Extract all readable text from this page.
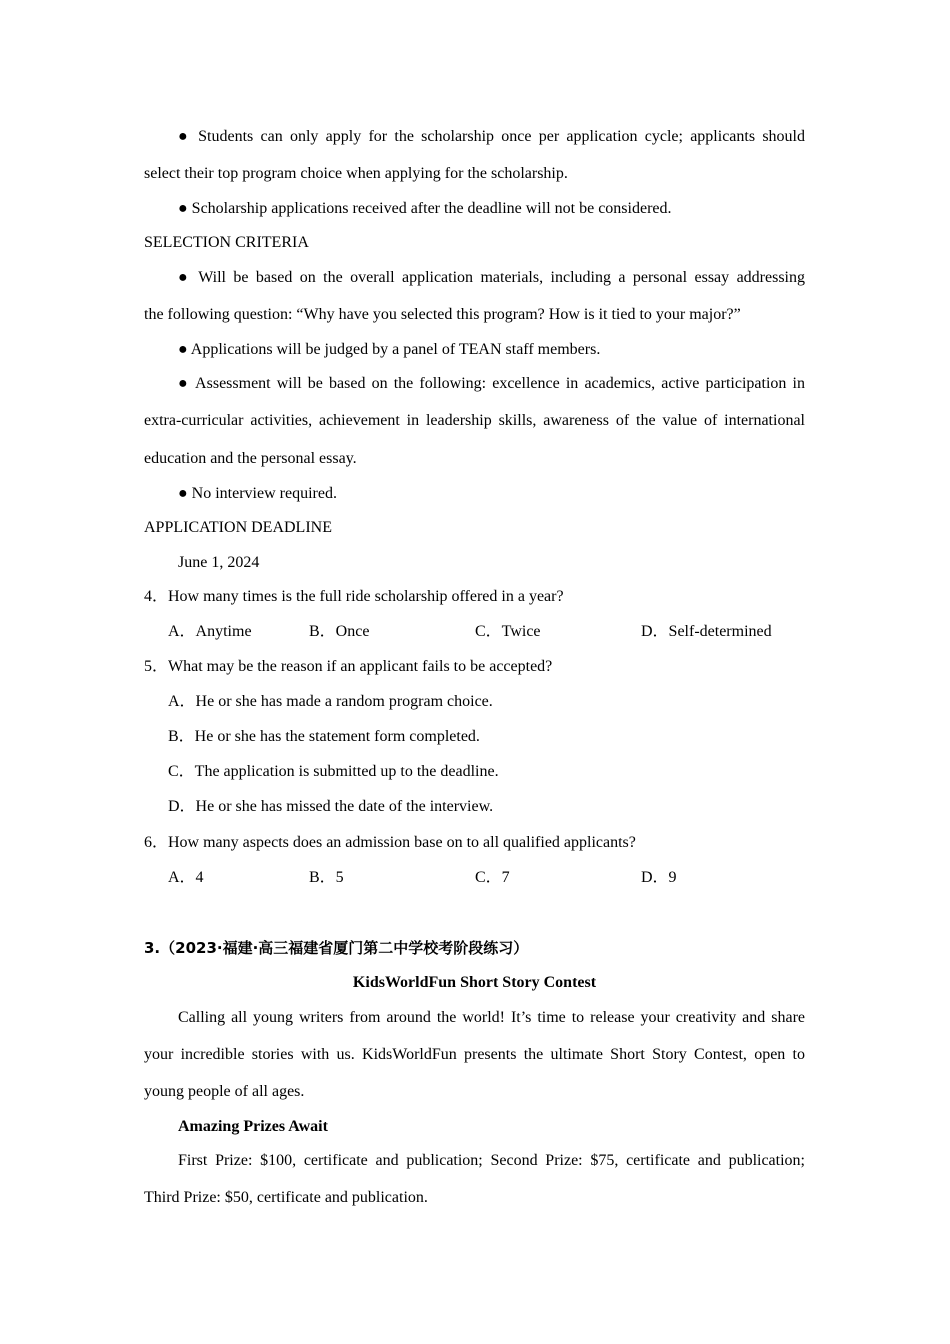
● Students can only apply for the scholarship once per application cycle; applicants should
select their top program choice when applying for the scholarship.
● Scholarship applications received after the deadline will not be considered.
SELECTION CRITERIA
● Will be based on the overall application materials, including a personal essay addressing
the following question: “Why have you selected this program? How is it tied to your major?”
● Applications will be judged by a panel of TEAN staff members.
● Assessment will be based on the following: excellence in academics, active participation in
extra-curricular activities, achievement in leadership skills, awareness of the value of international
education and the personal essay.
● No interview required.
APPLICATION DEADLINE
June 1, 2024
4．How many times is the full ride scholarship offered in a year?
A．Anytime	B．Once	C．Twice	D．Self-determined
5．What may be the reason if an applicant fails to be accepted?
A．He or she has made a random program choice.
B．He or she has the statement form completed.
C．The application is submitted up to the deadline.
D．He or she has missed the date of the interview.
6．How many aspects does an admission base on to all qualified applicants?
A．4	B．5	C．7	D．9
3.（2023·福建·高三福建省厦门第二中学校考阶段练习）
KidsWorldFun Short Story Contest
Calling all young writers from around the world! It’s time to release your creativity and share
your incredible stories with us. KidsWorldFun presents the ultimate Short Story Contest, open to
young people of all ages.
Amazing Prizes Await
First Prize: $100, certificate and publication; Second Prize: $75, certificate and publication;
Third Prize: $50, certificate and publication.
